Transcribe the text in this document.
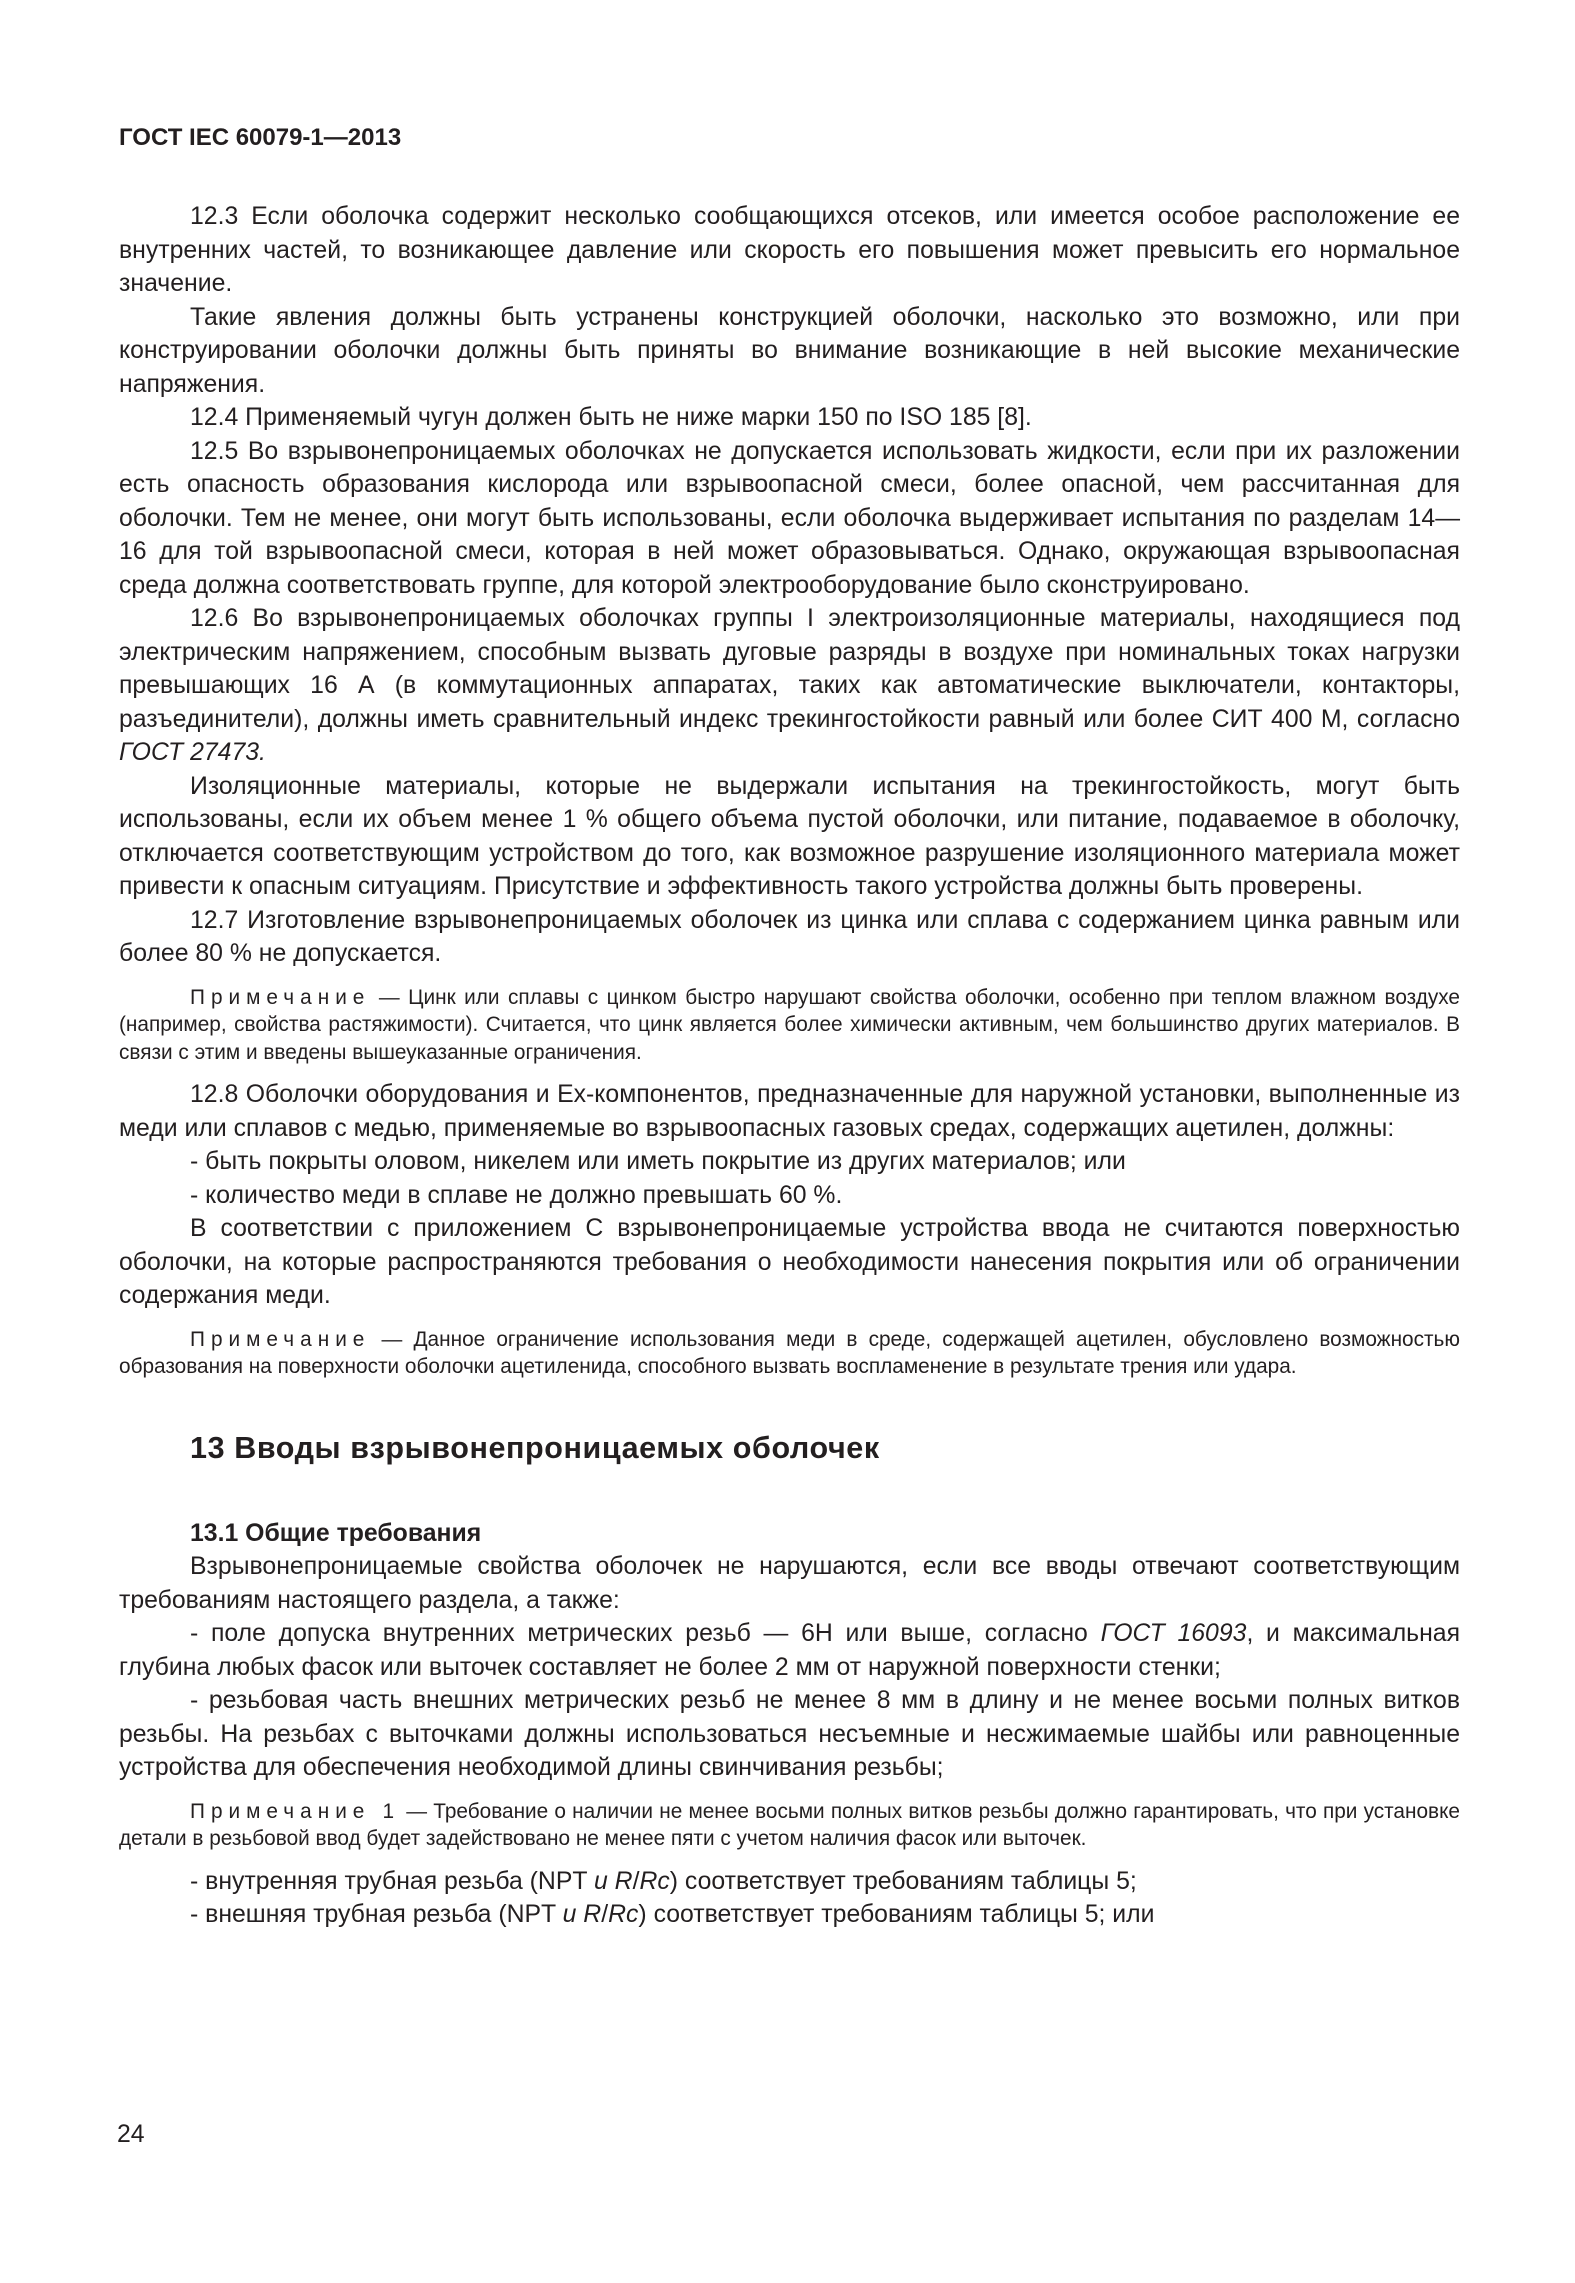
ГОСТ IEC 60079-1—2013

12.3 Если оболочка содержит несколько сообщающихся отсеков, или имеется особое расположение ее внутренних частей, то возникающее давление или скорость его повышения может превысить его нормальное значение.

Такие явления должны быть устранены конструкцией оболочки, насколько это возможно, или при конструировании оболочки должны быть приняты во внимание возникающие в ней высокие механические напряжения.

12.4 Применяемый чугун должен быть не ниже марки 150 по ISO 185 [8].

12.5 Во взрывонепроницаемых оболочках не допускается использовать жидкости, если при их разложении есть опасность образования кислорода или взрывоопасной смеси, более опасной, чем рассчитанная для оболочки. Тем не менее, они могут быть использованы, если оболочка выдерживает испытания по разделам 14—16 для той взрывоопасной смеси, которая в ней может образовываться. Однако, окружающая взрывоопасная среда должна соответствовать группе, для которой электрооборудование было сконструировано.

12.6 Во взрывонепроницаемых оболочках группы I электроизоляционные материалы, находящиеся под электрическим напряжением, способным вызвать дуговые разряды в воздухе при номинальных токах нагрузки превышающих 16 А (в коммутационных аппаратах, таких как автоматические выключатели, контакторы, разъединители), должны иметь сравнительный индекс трекингостойкости равный или более СИТ 400 М, согласно ГОСТ 27473.

Изоляционные материалы, которые не выдержали испытания на трекингостойкость, могут быть использованы, если их объем менее 1 % общего объема пустой оболочки, или питание, подаваемое в оболочку, отключается соответствующим устройством до того, как возможное разрушение изоляционного материала может привести к опасным ситуациям. Присутствие и эффективность такого устройства должны быть проверены.

12.7 Изготовление взрывонепроницаемых оболочек из цинка или сплава с содержанием цинка равным или более 80 % не допускается.

Примечание — Цинк или сплавы с цинком быстро нарушают свойства оболочки, особенно при теплом влажном воздухе (например, свойства растяжимости). Считается, что цинк является более химически активным, чем большинство других материалов. В связи с этим и введены вышеуказанные ограничения.

12.8 Оболочки оборудования и Ex-компонентов, предназначенные для наружной установки, выполненные из меди или сплавов с медью, применяемые во взрывоопасных газовых средах, содержащих ацетилен, должны:

- быть покрыты оловом, никелем или иметь покрытие из других материалов; или

- количество меди в сплаве не должно превышать 60 %.

В соответствии с приложением С взрывонепроницаемые устройства ввода не считаются поверхностью оболочки, на которые распространяются требования о необходимости нанесения покрытия или об ограничении содержания меди.

Примечание — Данное ограничение использования меди в среде, содержащей ацетилен, обусловлено возможностью образования на поверхности оболочки ацетиленида, способного вызвать воспламенение в результате трения или удара.

13 Вводы взрывонепроницаемых оболочек
13.1 Общие требования

Взрывонепроницаемые свойства оболочек не нарушаются, если все вводы отвечают соответствующим требованиям настоящего раздела, а также:

- поле допуска внутренних метрических резьб — 6Н или выше, согласно ГОСТ 16093, и максимальная глубина любых фасок или выточек составляет не более 2 мм от наружной поверхности стенки;

- резьбовая часть внешних метрических резьб не менее 8 мм в длину и не менее восьми полных витков резьбы. На резьбах с выточками должны использоваться несъемные и несжимаемые шайбы или равноценные устройства для обеспечения необходимой длины свинчивания резьбы;

Примечание 1 — Требование о наличии не менее восьми полных витков резьбы должно гарантировать, что при установке детали в резьбовой ввод будет задействовано не менее пяти с учетом наличия фасок или выточек.

- внутренняя трубная резьба (NPT и R/Rc) соответствует требованиям таблицы 5;

- внешняя трубная резьба (NPT и R/Rc) соответствует требованиям таблицы 5; или

24
